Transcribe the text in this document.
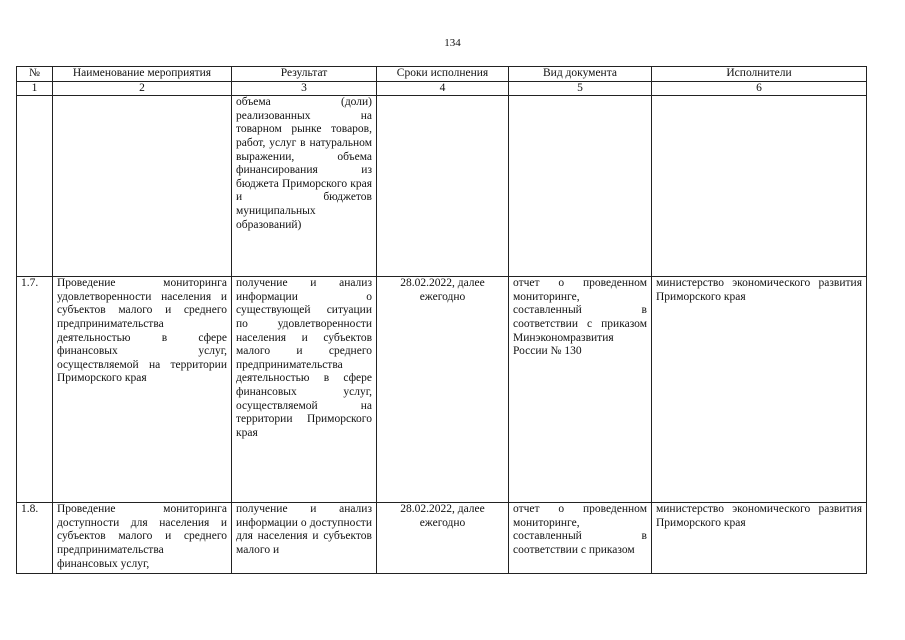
134
№	Наименование мероприятия	Результат	Сроки исполнения	Вид документа	Исполнители
1	2	3	4	5	6
		объема (доли) реализованных на товарном рынке товаров, работ, услуг в натуральном выражении, объема финансирования из бюджета Приморского края и бюджетов муниципальных образований)			
1.7.	Проведение мониторинга удовлетворенности населения и субъектов малого и среднего предпринимательства деятельностью в сфере финансовых услуг, осуществляемой на территории Приморского края	получение и анализ информации о существующей ситуации по удовлетворенности населения и субъектов малого и среднего предпринимательства деятельностью в сфере финансовых услуг, осуществляемой на территории Приморского края	28.02.2022, далее ежегодно	отчет о проведенном мониторинге, составленный в соответствии с приказом Минэкономразвития России № 130	министерство экономического развития Приморского края
1.8.	Проведение мониторинга доступности для населения и субъектов малого и среднего предпринимательства финансовых услуг,	получение и анализ информации о доступности для населения и субъектов малого и	28.02.2022, далее ежегодно	отчет о проведенном мониторинге, составленный в соответствии с приказом	министерство экономического развития Приморского края
